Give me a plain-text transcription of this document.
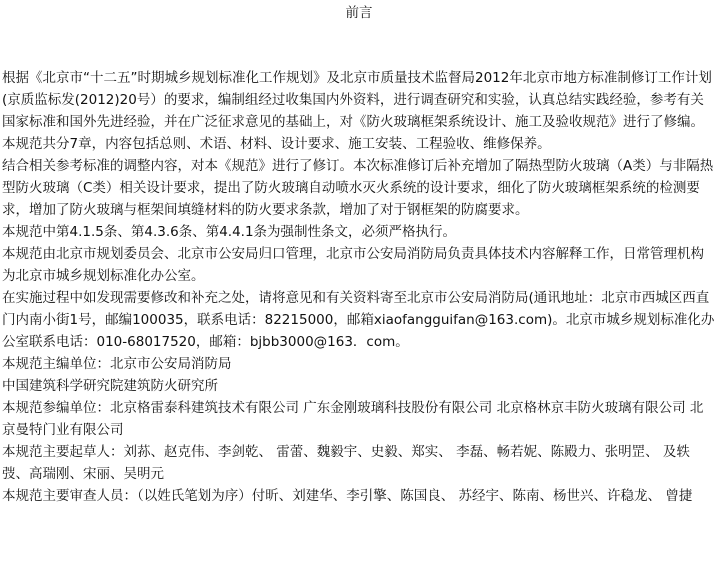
前言

根据《北京市“十二五”时期城乡规划标准化工作规划》及北京市质量技术监督局2012年北京市地方标准制修订工作计划(京质监标发(2012)20号）的要求，编制组经过收集国内外资料，进行调查研究和实验，认真总结实践经验，参考有关国家标准和国外先进经验，并在广泛征求意见的基础上，对《防火玻璃框架系统设计、施工及验收规范》进行了修编。

本规范共分7章，内容包括总则、术语、材料、设计要求、施工安装、工程验收、维修保养。

结合相关参考标准的调整内容，对本《规范》进行了修订。本次标准修订后补充增加了隔热型防火玻璃（A类）与非隔热型防火玻璃（C类）相关设计要求，提出了防火玻璃自动喷水灭火系统的设计要求，细化了防火玻璃框架系统的检测要求，增加了防火玻璃与框架间填缝材料的防火要求条款，增加了对于钢框架的防腐要求。

本规范中第4.1.5条、第4.3.6条、第4.4.1条为强制性条文，必须严格执行。

本规范由北京市规划委员会、北京市公安局归口管理，北京市公安局消防局负责具体技术内容解释工作，日常管理机构为北京市城乡规划标准化办公室。

在实施过程中如发现需要修改和补充之处，请将意见和有关资料寄至北京市公安局消防局(通讯地址：北京市西城区西直门内南小街1号，邮编100035，联系电话：82215000，邮箱xiaofangguifan@163.com)。北京市城乡规划标准化办公室联系电话：010-68017520，邮箱：bjbb3000@163．com。

本规范主编单位：北京市公安局消防局

中国建筑科学研究院建筑防火研究所

本规范参编单位：北京格雷泰科建筑技术有限公司 广东金刚玻璃科技股份有限公司 北京格林京丰防火玻璃有限公司 北京曼特门业有限公司

本规范主要起草人：刘荪、赵克伟、李剑乾、 雷蕾、魏毅宇、史毅、郑实、 李磊、畅若妮、陈殿力、张明罡、 及轶弢、高瑞刚、宋丽、吴明元

本规范主要审查人员：（以姓氏笔划为序）付昕、刘建华、李引擎、陈国良、 苏经宇、陈南、杨世兴、许稳龙、 曾捷
